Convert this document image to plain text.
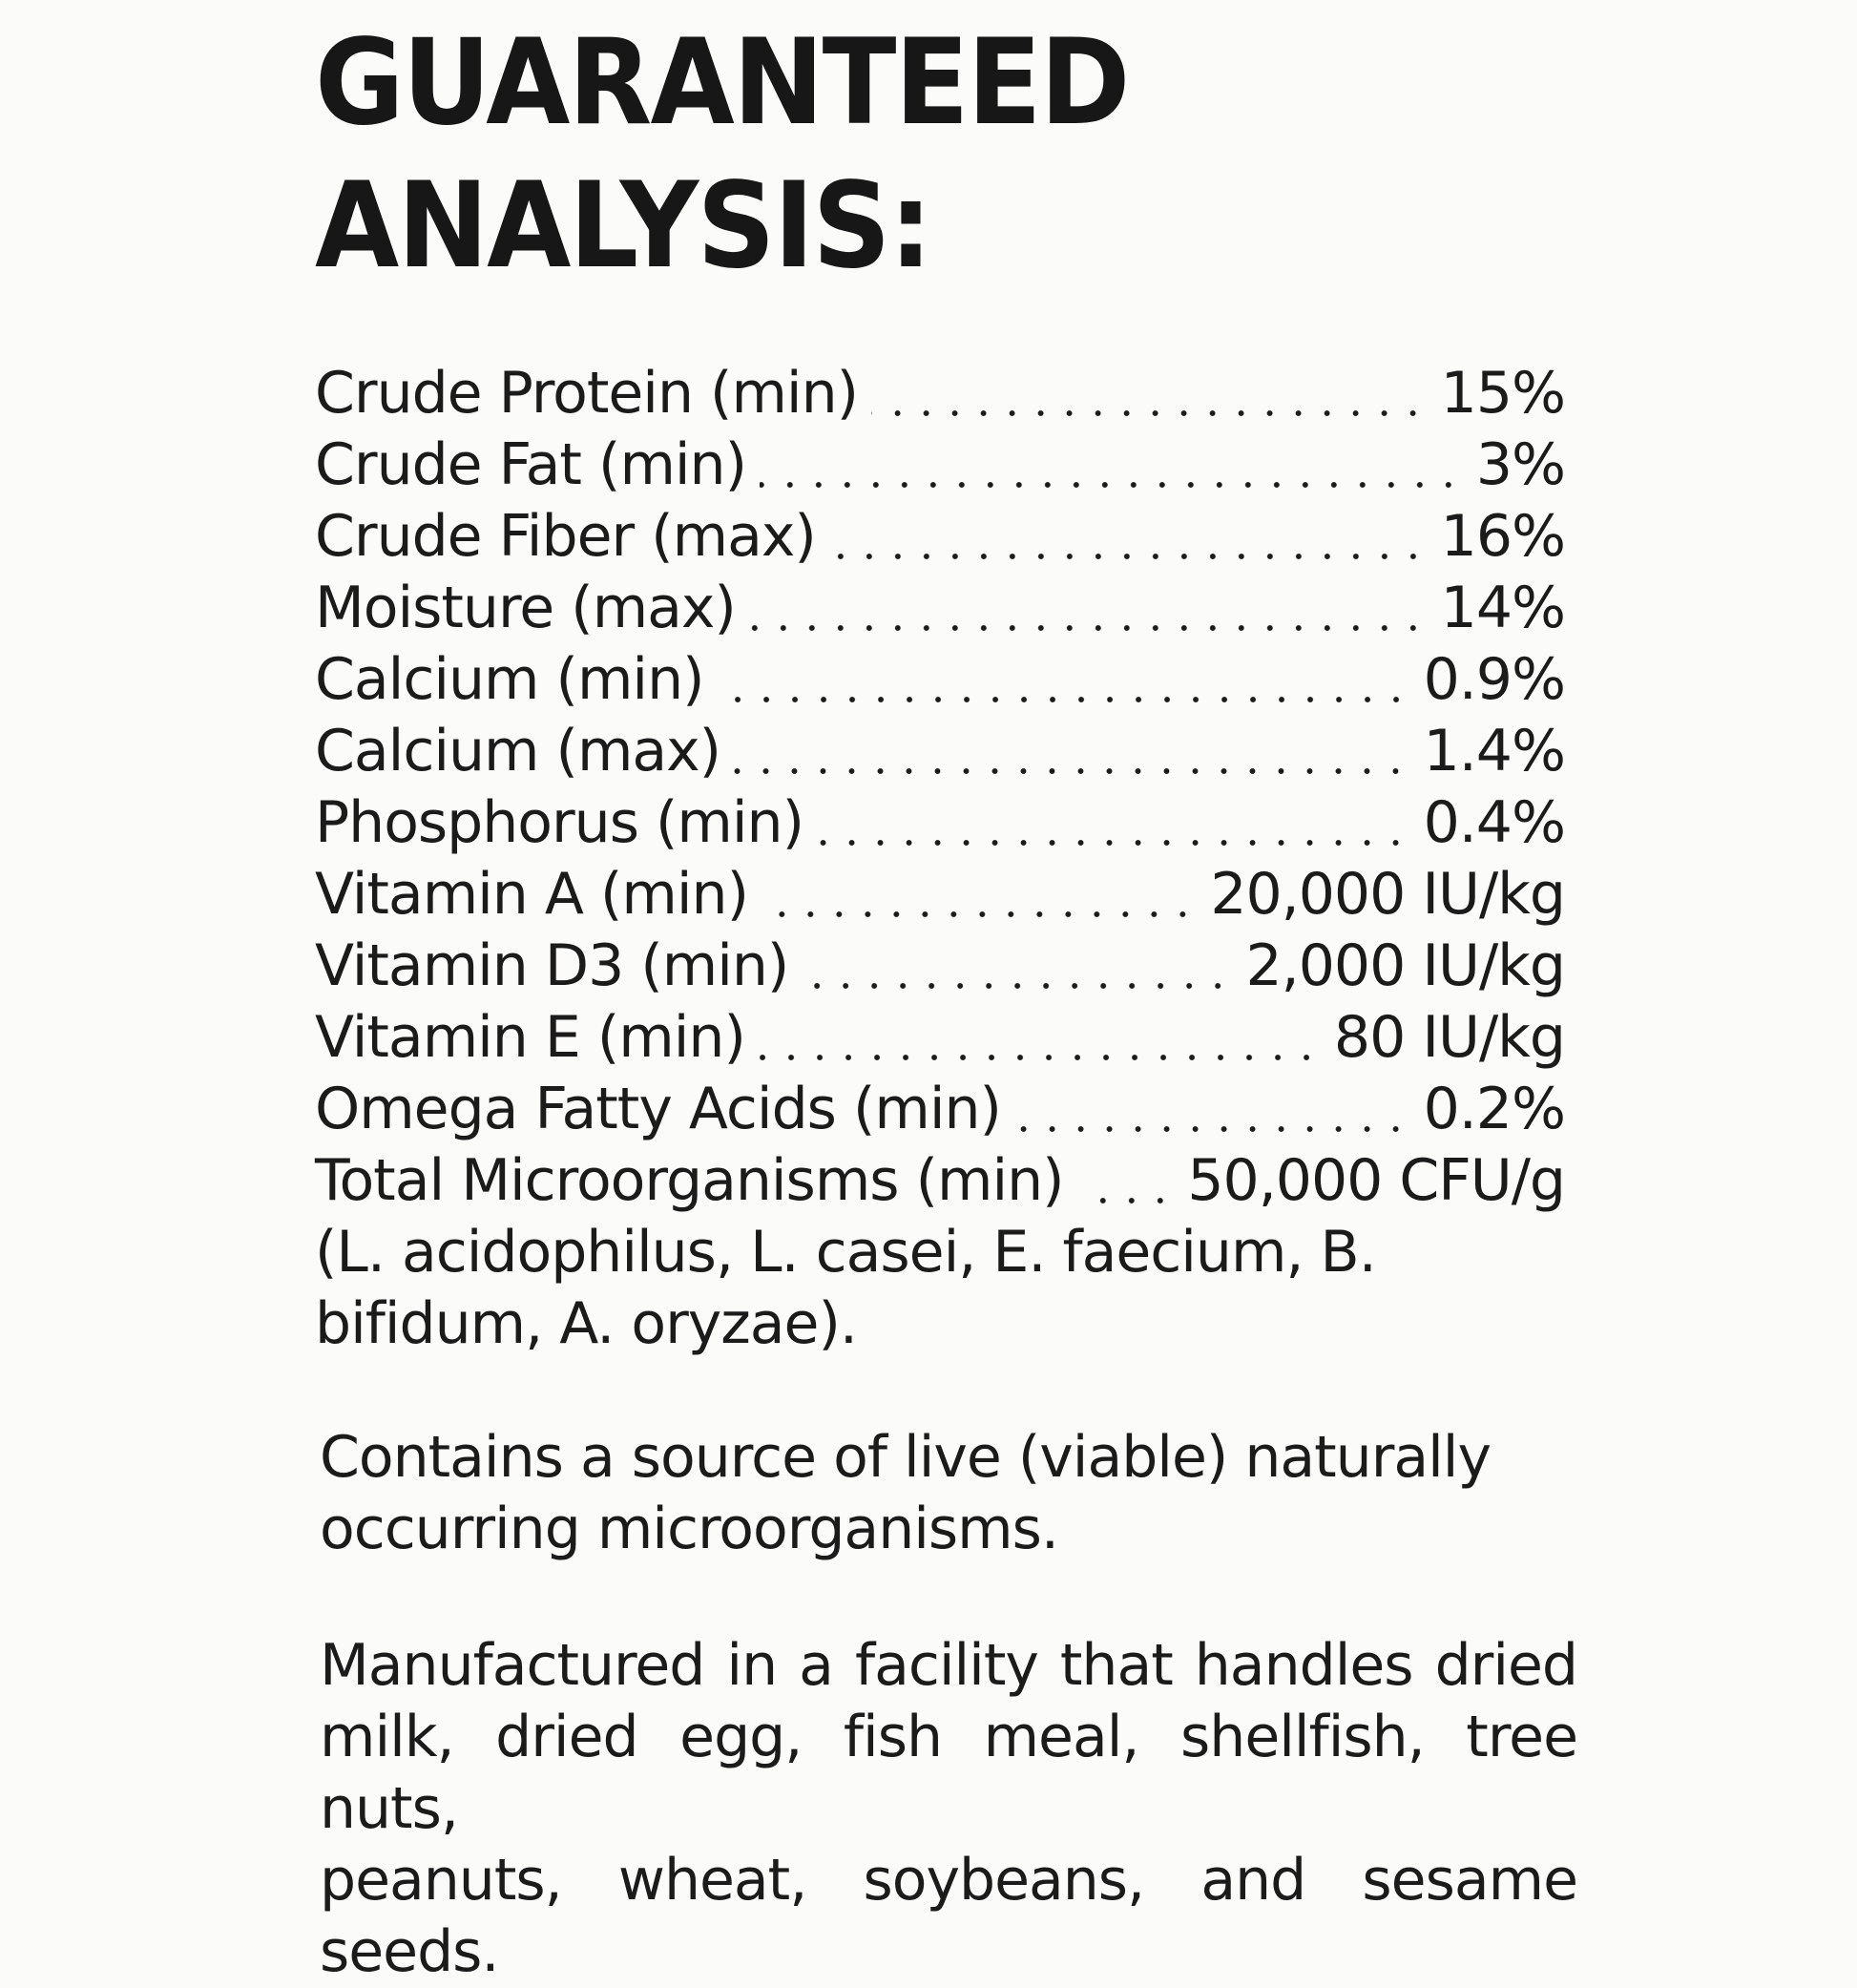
GUARANTEED
ANALYSIS:
Crude Protein (min)	15%
Crude Fat (min)	3%
Crude Fiber (max)	16%
Moisture (max)	14%
Calcium (min)	0.9%
Calcium (max)	1.4%
Phosphorus (min)	0.4%
Vitamin A (min)	20,000 IU/kg
Vitamin D3 (min)	2,000 IU/kg
Vitamin E (min)	80 IU/kg
Omega Fatty Acids (min)	0.2%
Total Microorganisms (min) 50,000 CFU/g

(L. acidophilus, L. casei, E. faecium, B. bifidum, A. oryzae).

Contains a source of live (viable) naturally occurring microorganisms.

Manufactured in a facility that handles dried
milk, dried egg, fish meal, shellfish, tree nuts,
peanuts, wheat, soybeans, and sesame seeds.
